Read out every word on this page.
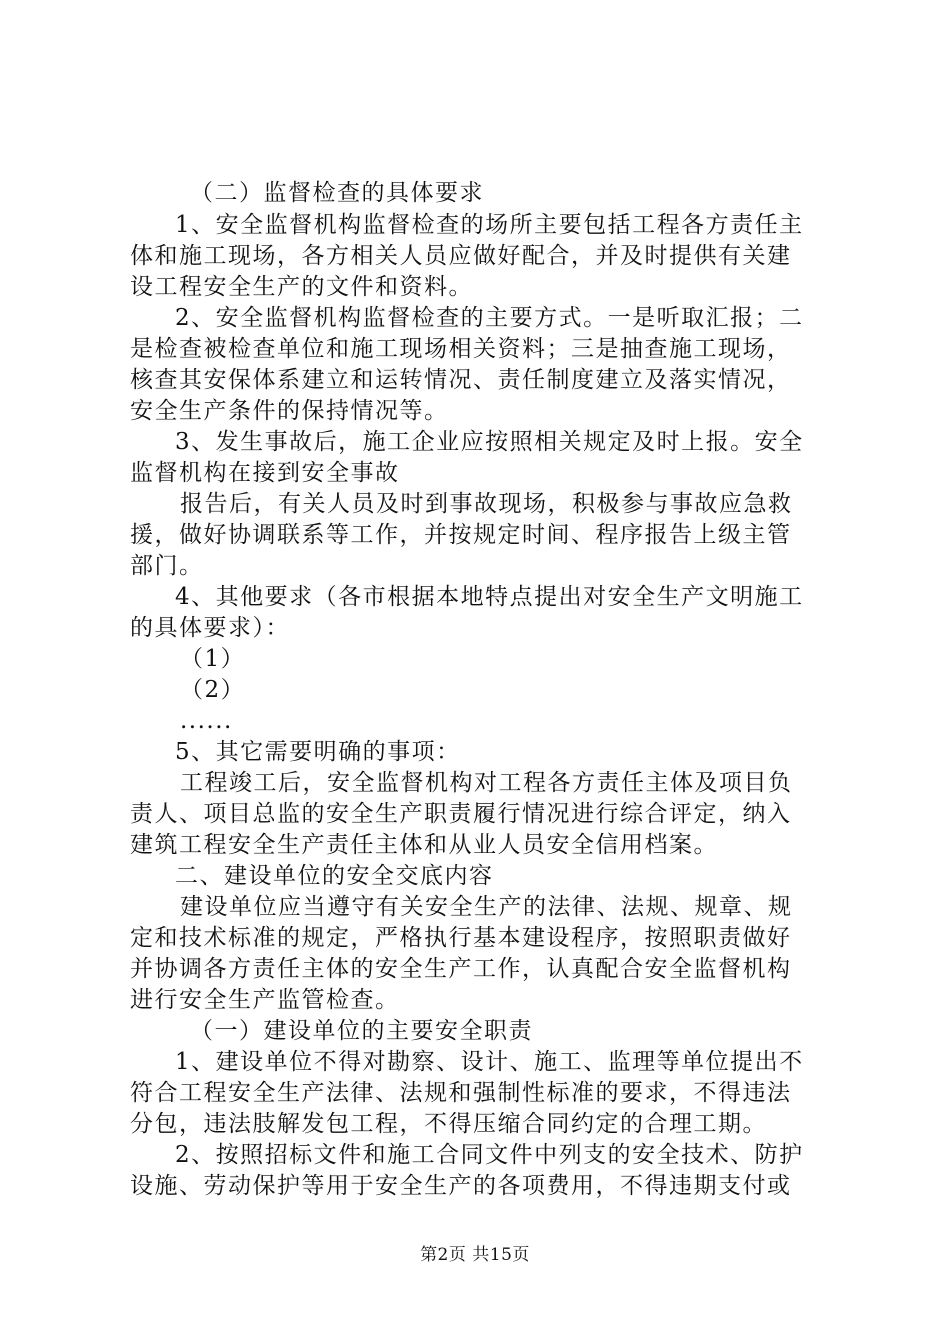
（二）监督检查的具体要求
1、安全监督机构监督检查的场所主要包括工程各方责任主
体和施工现场，各方相关人员应做好配合，并及时提供有关建
设工程安全生产的文件和资料。
2、安全监督机构监督检查的主要方式。一是听取汇报；二
是检查被检查单位和施工现场相关资料；三是抽查施工现场，
核查其安保体系建立和运转情况、责任制度建立及落实情况，
安全生产条件的保持情况等。
3、发生事故后，施工企业应按照相关规定及时上报。安全
监督机构在接到安全事故
报告后，有关人员及时到事故现场，积极参与事故应急救
援，做好协调联系等工作，并按规定时间、程序报告上级主管
部门。
4、其他要求（各市根据本地特点提出对安全生产文明施工
的具体要求）：
（1）
（2）
......
5、其它需要明确的事项：
工程竣工后，安全监督机构对工程各方责任主体及项目负
责人、项目总监的安全生产职责履行情况进行综合评定，纳入
建筑工程安全生产责任主体和从业人员安全信用档案。
二、建设单位的安全交底内容
建设单位应当遵守有关安全生产的法律、法规、规章、规
定和技术标准的规定，严格执行基本建设程序，按照职责做好
并协调各方责任主体的安全生产工作，认真配合安全监督机构
进行安全生产监管检查。
（一）建设单位的主要安全职责
1、建设单位不得对勘察、设计、施工、监理等单位提出不
符合工程安全生产法律、法规和强制性标准的要求，不得违法
分包，违法肢解发包工程，不得压缩合同约定的合理工期。
2、按照招标文件和施工合同文件中列支的安全技术、防护
设施、劳动保护等用于安全生产的各项费用，不得违期支付或
第2页 共15页
